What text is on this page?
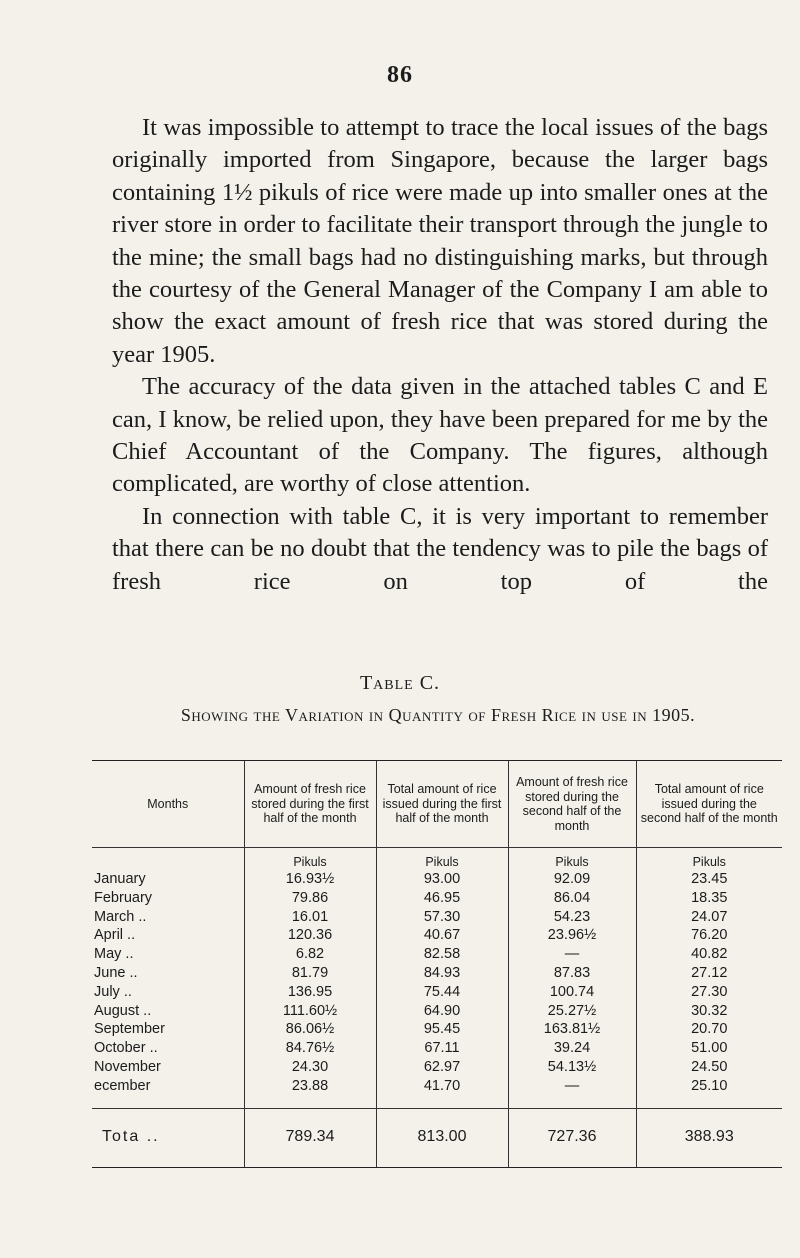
86

It was impossible to attempt to trace the local issues of the bags originally imported from Singapore, because the larger bags containing 1½ pikuls of rice were made up into smaller ones at the river store in order to facilitate their transport through the jungle to the mine; the small bags had no distinguishing marks, but through the courtesy of the General Manager of the Company I am able to show the exact amount of fresh rice that was stored during the year 1905.

The accuracy of the data given in the attached tables C and E can, I know, be relied upon, they have been prepared for me by the Chief Accountant of the Company. The figures, although complicated, are worthy of close attention.

In connection with table C, it is very important to remember that there can be no doubt that the tendency was to pile the bags of fresh rice on top of the

Table C.
Showing the Variation in Quantity of Fresh Rice in use in 1905.
Months	Amount of fresh rice stored during the first half of the month	Total amount of rice issued during the first half of the month	Amount of fresh rice stored during the second half of the month	Total amount of rice issued during the second half of the month
	Pikuls	Pikuls	Pikuls	Pikuls
January	16.93½	93.00	92.09	23.45
February	79.86	46.95	86.04	18.35
March ..	16.01	57.30	54.23	24.07
April ..	120.36	40.67	23.96½	76.20
May ..	6.82	82.58	—	40.82
June ..	81.79	84.93	87.83	27.12
July ..	136.95	75.44	100.74	27.30
August ..	111.60½	64.90	25.27½	30.32
September	86.06½	95.45	163.81½	20.70
October ..	84.76½	67.11	39.24	51.00
November	24.30	62.97	54.13½	24.50
ecember	23.88	41.70	—	25.10
Tota ..	789.34	813.00	727.36	388.93
